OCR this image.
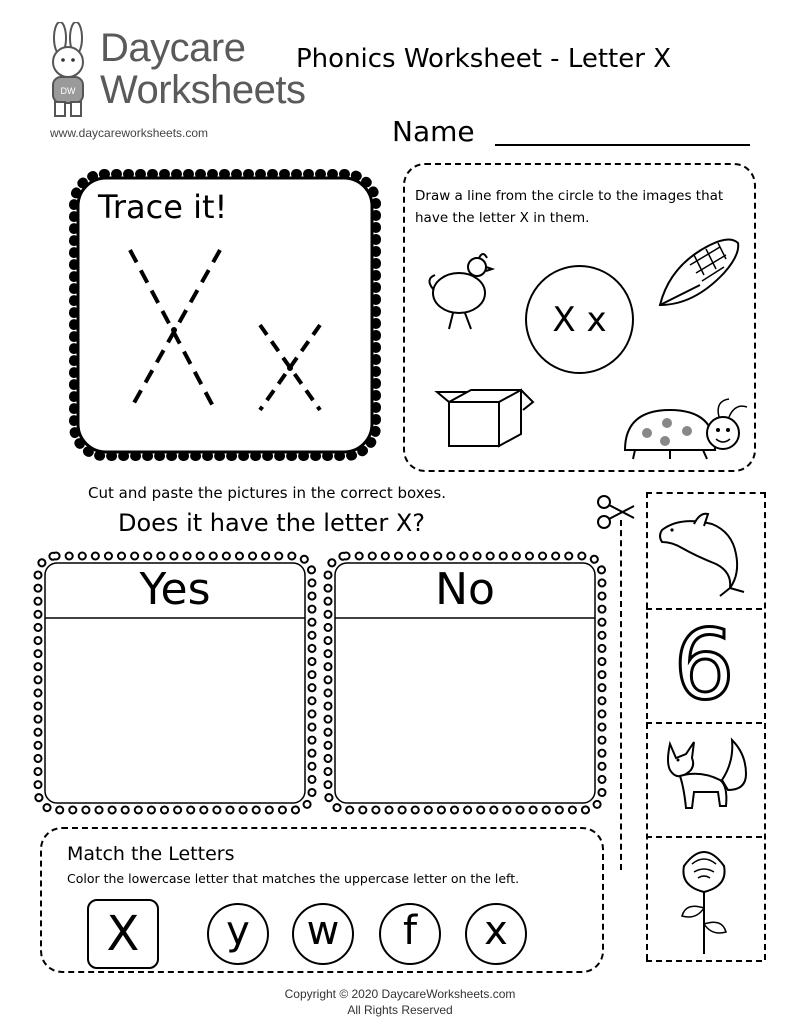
DW
Daycare
Worksheets
www.daycareworksheets.com
Phonics Worksheet - Letter X
Name
Trace it!	Draw a line from the circle to the images that
have the letter X in them.
X x
Cut and paste the pictures in the correct boxes.
Does it have the letter X?
Yes	No
6
Match the Letters
Color the lowercase letter that matches the uppercase letter on the left.
X y w f x
Copyright © 2020 DaycareWorksheets.com
All Rights Reserved
